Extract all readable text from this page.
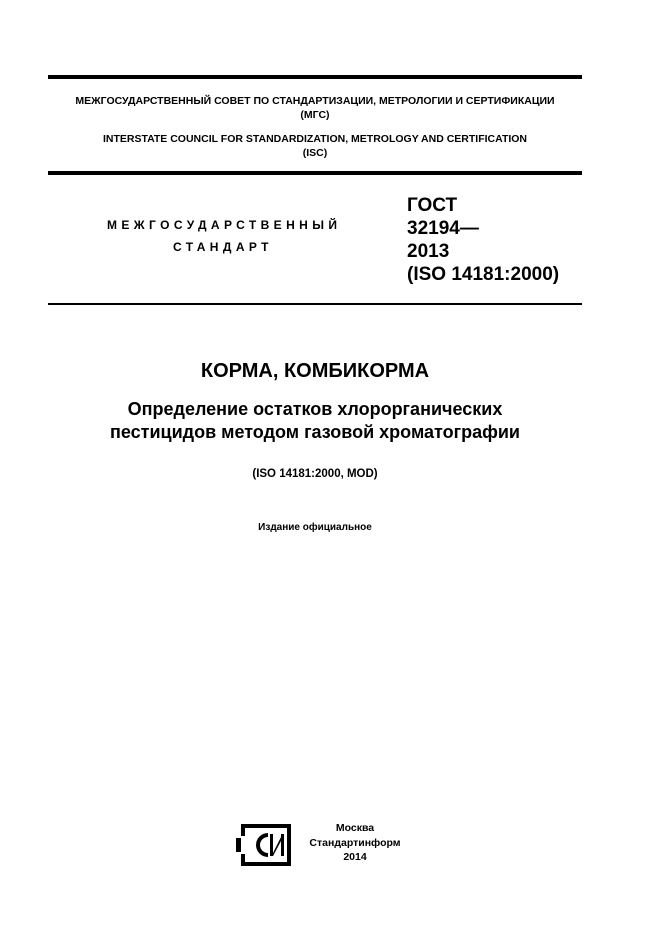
МЕЖГОСУДАРСТВЕННЫЙ СОВЕТ ПО СТАНДАРТИЗАЦИИ, МЕТРОЛОГИИ И СЕРТИФИКАЦИИ
(МГС)
INTERSTATE COUNCIL FOR STANDARDIZATION, METROLOGY AND CERTIFICATION
(ISC)
МЕЖГОСУДАРСТВЕННЫЙ
СТАНДАРТ
ГОСТ
32194—
2013
(ISO 14181:2000)
КОРМА, КОМБИКОРМА
Определение остатков хлорорганических
пестицидов методом газовой хроматографии
(ISO 14181:2000, MOD)
Издание официальное
Москва
Стандартинформ
2014
